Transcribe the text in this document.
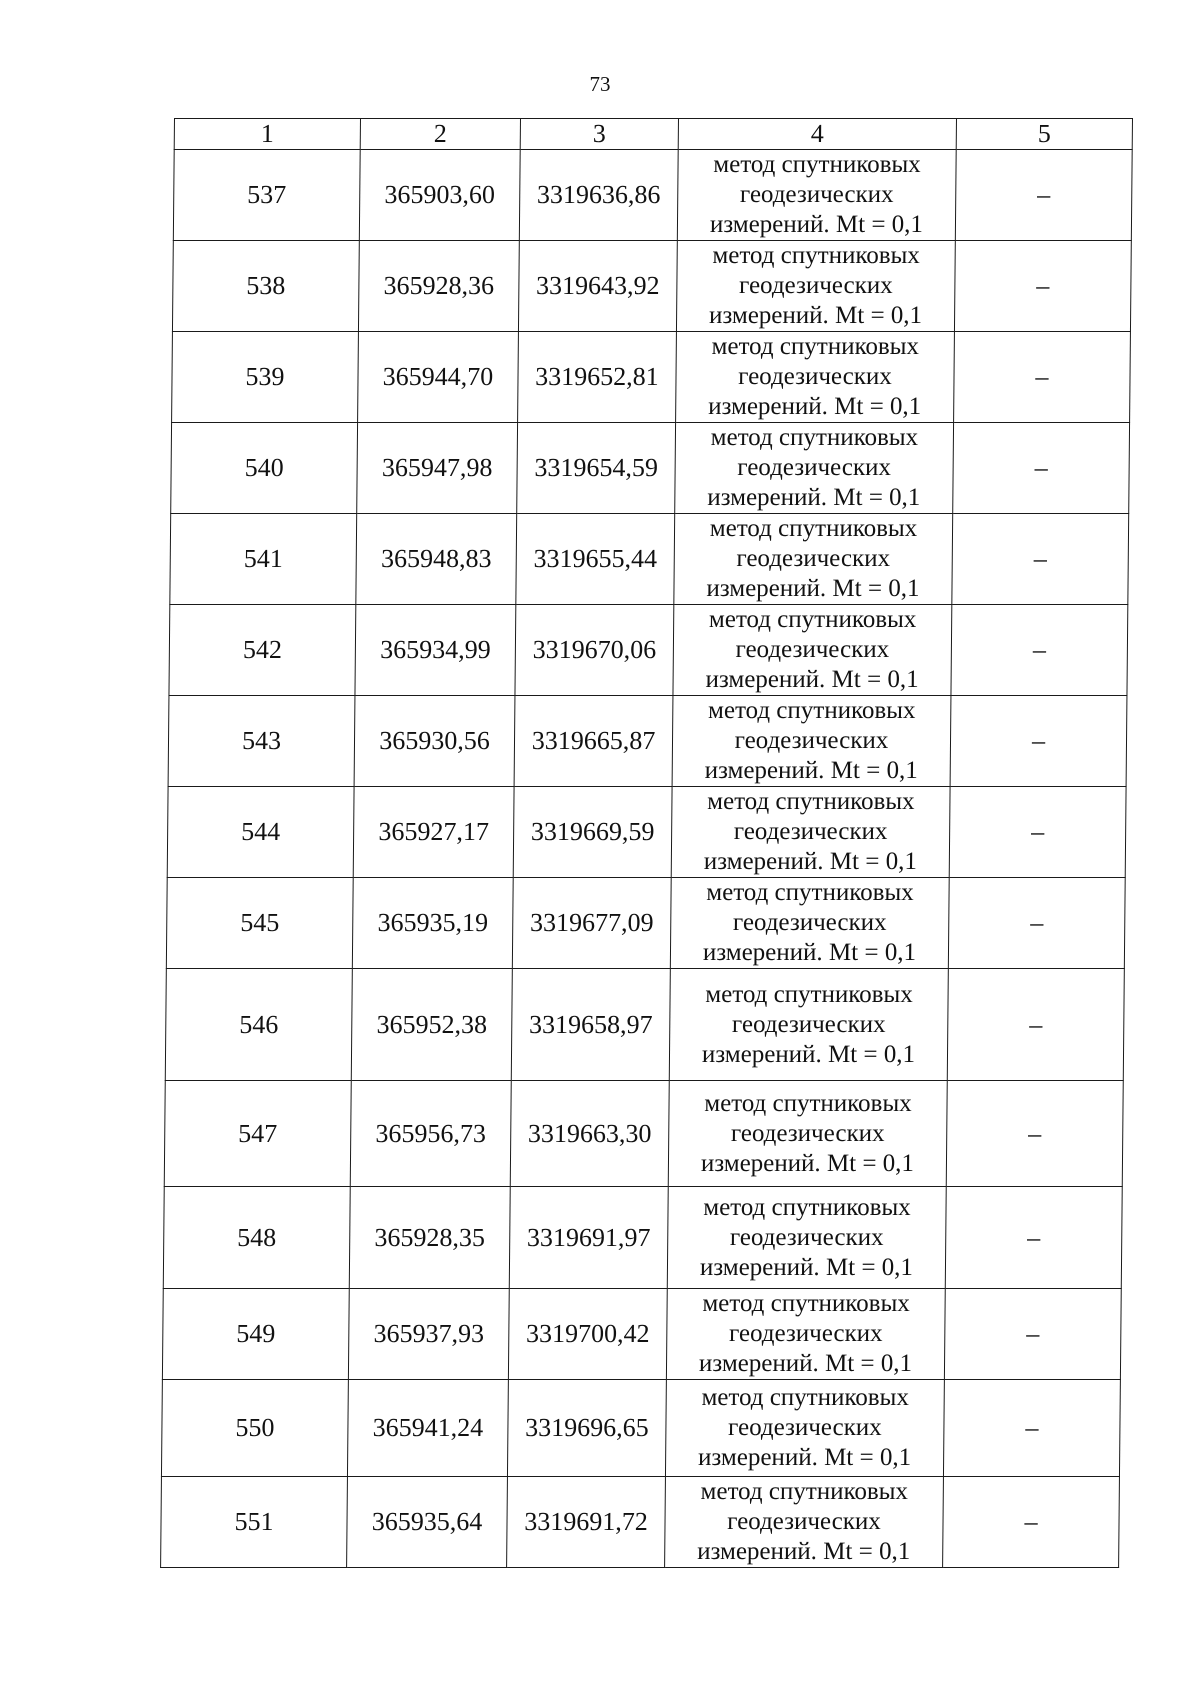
73
1	2	3	4	5
537	365903,60	3319636,86	метод спутниковых геодезических измерений. Mt = 0,1	–
538	365928,36	3319643,92	метод спутниковых геодезических измерений. Mt = 0,1	–
539	365944,70	3319652,81	метод спутниковых геодезических измерений. Mt = 0,1	–
540	365947,98	3319654,59	метод спутниковых геодезических измерений. Mt = 0,1	–
541	365948,83	3319655,44	метод спутниковых геодезических измерений. Mt = 0,1	–
542	365934,99	3319670,06	метод спутниковых геодезических измерений. Mt = 0,1	–
543	365930,56	3319665,87	метод спутниковых геодезических измерений. Mt = 0,1	–
544	365927,17	3319669,59	метод спутниковых геодезических измерений. Mt = 0,1	–
545	365935,19	3319677,09	метод спутниковых геодезических измерений. Mt = 0,1	–
546	365952,38	3319658,97	метод спутниковых геодезических измерений. Mt = 0,1	–
547	365956,73	3319663,30	метод спутниковых геодезических измерений. Mt = 0,1	–
548	365928,35	3319691,97	метод спутниковых геодезических измерений. Mt = 0,1	–
549	365937,93	3319700,42	метод спутниковых геодезических измерений. Mt = 0,1	–
550	365941,24	3319696,65	метод спутниковых геодезических измерений. Mt = 0,1	–
551	365935,64	3319691,72	метод спутниковых геодезических измерений. Mt = 0,1	–
